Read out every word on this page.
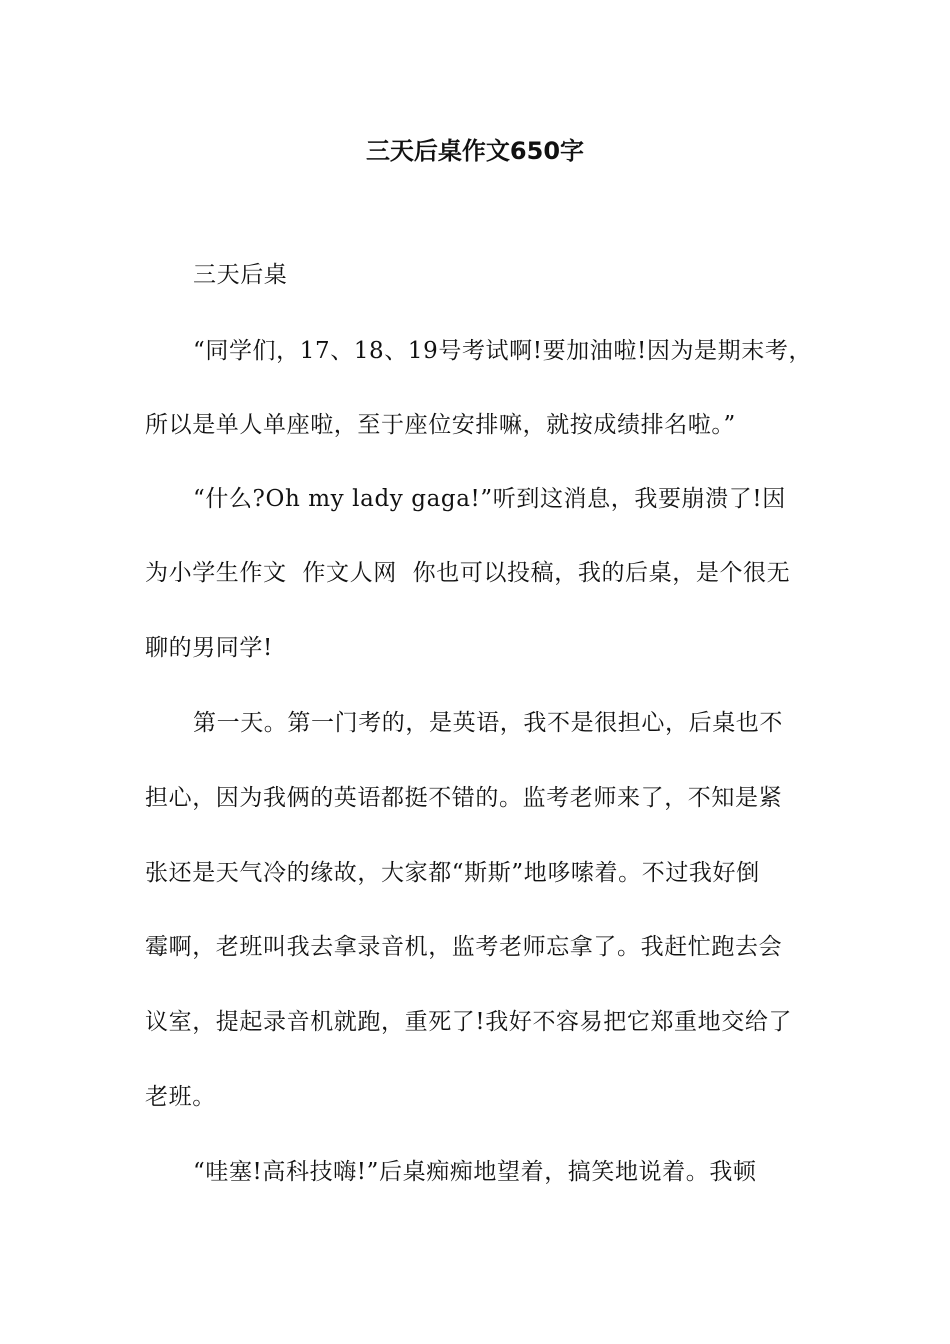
三天后桌作文650字
三天后桌
“同学们，17、18、19号考试啊!要加油啦!因为是期末考，
所以是单人单座啦，至于座位安排嘛，就按成绩排名啦。”
“什么?Oh my lady gaga!”听到这消息，我要崩溃了!因
为小学生作文  作文人网  你也可以投稿，我的后桌，是个很无
聊的男同学!
第一天。第一门考的，是英语，我不是很担心，后桌也不
担心，因为我俩的英语都挺不错的。监考老师来了，不知是紧
张还是天气冷的缘故，大家都“斯斯”地哆嗦着。不过我好倒
霉啊，老班叫我去拿录音机，监考老师忘拿了。我赶忙跑去会
议室，提起录音机就跑，重死了!我好不容易把它郑重地交给了
老班。
“哇塞!高科技嗨!”后桌痴痴地望着，搞笑地说着。我顿
